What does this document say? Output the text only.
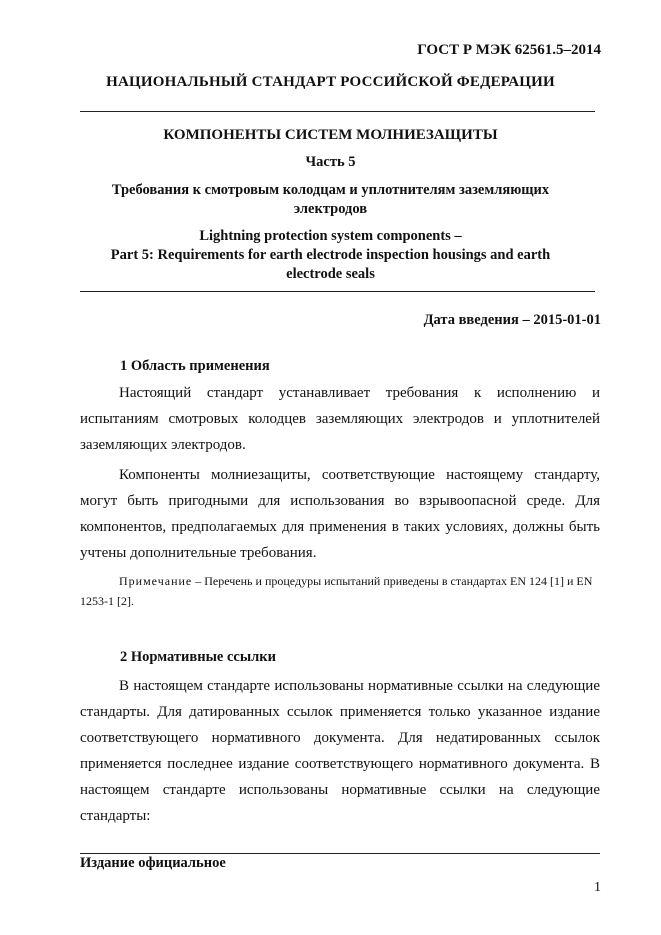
ГОСТ Р МЭК 62561.5–2014
НАЦИОНАЛЬНЫЙ СТАНДАРТ РОССИЙСКОЙ ФЕДЕРАЦИИ
КОМПОНЕНТЫ СИСТЕМ МОЛНИЕЗАЩИТЫ
Часть 5
Требования к смотровым колодцам и уплотнителям заземляющих электродов
Lightning protection system components –
Part 5: Requirements for earth electrode inspection housings and earth electrode seals
Дата введения – 2015-01-01
1 Область применения
Настоящий стандарт устанавливает требования к исполнению и испытаниям смотровых колодцев заземляющих электродов и уплотнителей заземляющих электродов.
Компоненты молниезащиты, соответствующие настоящему стандарту, могут быть пригодными для использования во взрывоопасной среде. Для компонентов, предполагаемых для применения в таких условиях, должны быть учтены дополнительные требования.
Примечание – Перечень и процедуры испытаний приведены в стандартах EN 124 [1] и EN 1253-1 [2].
2 Нормативные ссылки
В настоящем стандарте использованы нормативные ссылки на следующие стандарты. Для датированных ссылок применяется только указанное издание соответствующего нормативного документа. Для недатированных ссылок применяется последнее издание соответствующего нормативного документа. В настоящем стандарте использованы нормативные ссылки на следующие стандарты:
Издание официальное
1
